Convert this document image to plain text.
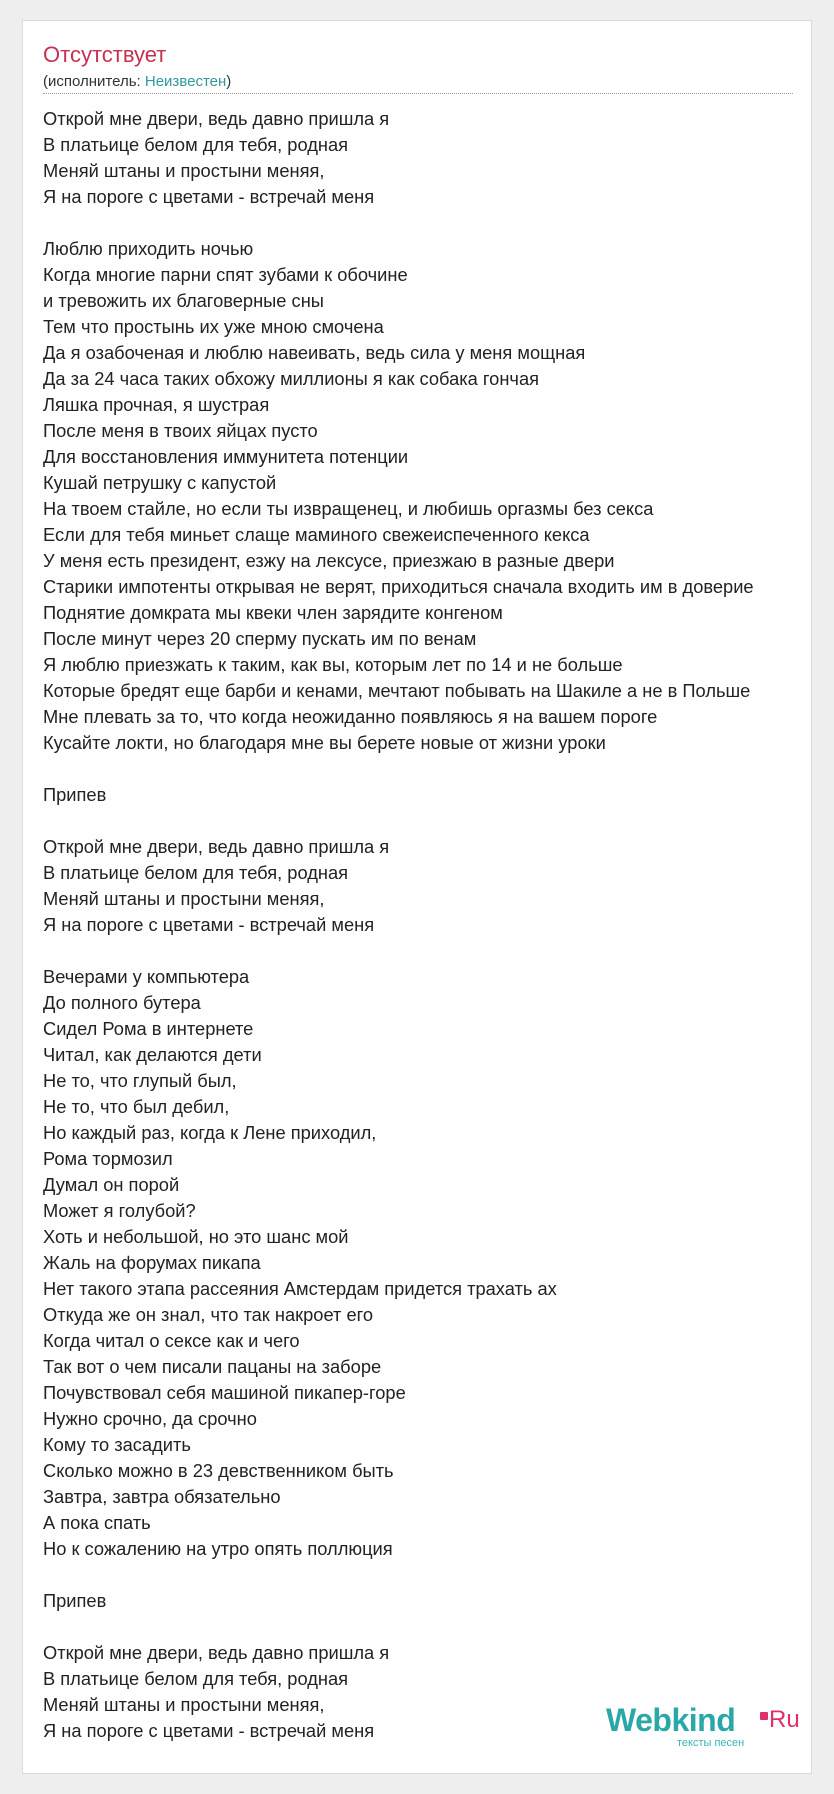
Отсутствует
(исполнитель: Неизвестен)
Открой мне двери, ведь давно пришла я
В платьице белом для тебя, родная
Меняй штаны и простыни меняя,
Я на пороге с цветами - встречай меня
Люблю приходить ночью
Когда многие парни спят зубами к обочине
и тревожить их благоверные сны
Тем что простынь их уже мною смочена
Да я озабоченая и люблю навеивать, ведь сила у меня мощная
Да за 24 часа таких обхожу миллионы я как собака гончая
Ляшка прочная, я шустрая
После меня в твоих яйцах пусто
Для восстановления иммунитета потенции
Кушай петрушку с капустой
На твоем стайле, но если ты извращенец, и любишь оргазмы без секса
Если для тебя миньет слаще маминого свежеиспеченного кекса
У меня есть президент, езжу на лексусе, приезжаю в разные двери
Старики импотенты открывая не верят, приходиться сначала входить им в доверие
Поднятие домкрата мы квеки член зарядите конгеном
После минут через 20 сперму пускать им по венам
Я люблю приезжать к таким, как вы, которым лет по 14 и не больше
Которые бредят еще барби и кенами, мечтают побывать на Шакиле а не в Польше
Мне плевать за то, что когда неожиданно появляюсь я на вашем пороге
Кусайте локти, но благодаря мне вы берете новые от жизни уроки
Припев
Открой мне двери, ведь давно пришла я
В платьице белом для тебя, родная
Меняй штаны и простыни меняя,
Я на пороге с цветами - встречай меня
Вечерами у компьютера
До полного бутера
Сидел Рома в интернете
Читал, как делаются дети
Не то, что глупый был,
Не то, что был дебил,
Но каждый раз, когда к Лене приходил,
Рома тормозил
Думал он порой
Может я голубой?
Хоть и небольшой, но это шанс мой
Жаль на форумах пикапа
Нет такого этапа рассеяния Амстердам придется трахать ах
Откуда же он знал, что так накроет его
Когда читал о сексе как и чего
Так вот о чем писали пацаны на заборе
Почувствовал себя машиной пикапер-горе
Нужно срочно, да срочно
Кому то засадить
Сколько можно в 23 девственником быть
Завтра, завтра обязательно
А пока спать
Но к сожалению на утро опять поллюция
Припев
Открой мне двери, ведь давно пришла я
В платьице белом для тебя, родная
Меняй штаны и простыни меняя,
Я на пороге с цветами - встречай меня	Webkind Ru
тексты песен
